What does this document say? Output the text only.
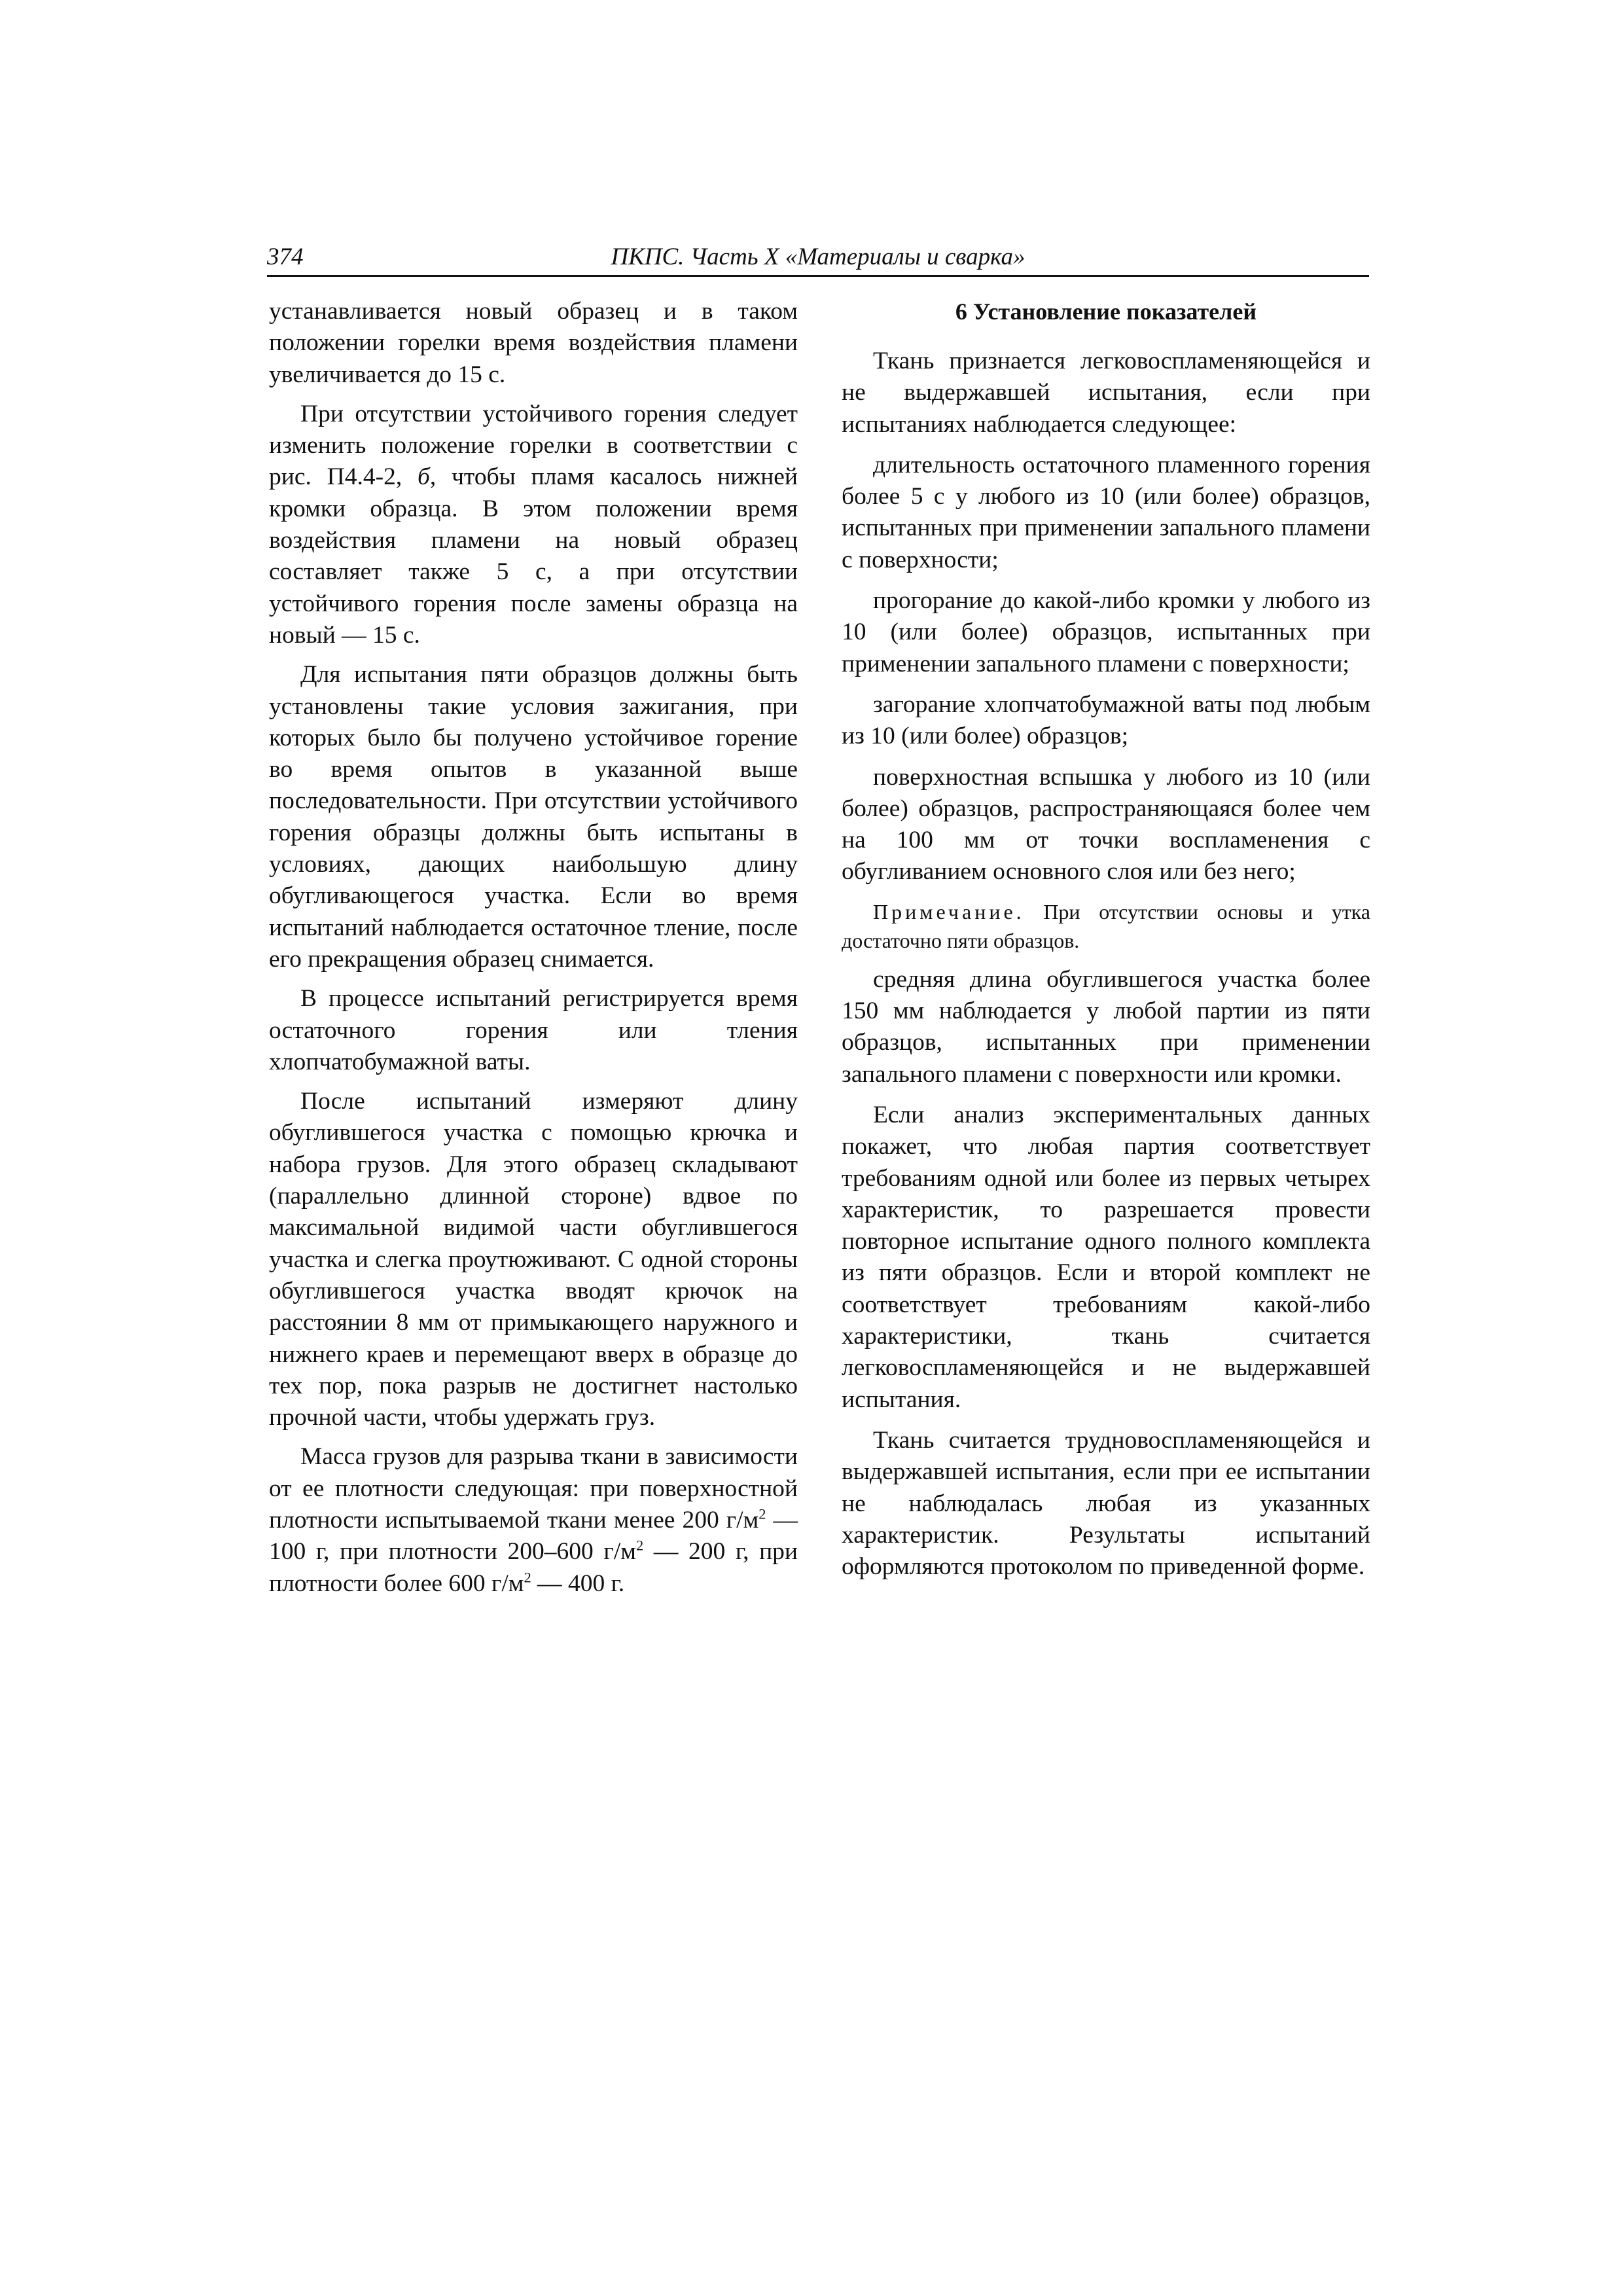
374	ПКПС. Часть X «Материалы и сварка»

устанавливается новый образец и в таком положении горелки время воздействия пламени увеличивается до 15 с.

При отсутствии устойчивого горения следует изменить положение горелки в соответствии с рис. П4.4-2, б, чтобы пламя касалось нижней кромки образца. В этом положении время воздействия пламени на новый образец составляет также 5 с, а при отсутствии устойчивого горения после замены образца на новый — 15 с.

Для испытания пяти образцов должны быть установлены такие условия зажигания, при которых было бы получено устойчивое горение во время опытов в указанной выше последовательности. При отсутствии устойчивого горения образцы должны быть испытаны в условиях, дающих наибольшую длину обугливающегося участка. Если во время испытаний наблюдается остаточное тление, после его прекращения образец снимается.

В процессе испытаний регистрируется время остаточного горения или тления хлопчатобумажной ваты.

После испытаний измеряют длину обуглившегося участка с помощью крючка и набора грузов. Для этого образец складывают (параллельно длинной стороне) вдвое по максимальной видимой части обуглившегося участка и слегка проутюживают. С одной стороны обуглившегося участка вводят крючок на расстоянии 8 мм от примыкающего наружного и нижнего краев и перемещают вверх в образце до тех пор, пока разрыв не достигнет настолько прочной части, чтобы удержать груз.

Масса грузов для разрыва ткани в зависимости от ее плотности следующая: при поверхностной плотности испытываемой ткани менее 200 $г/м^2$ — 100 г, при плотности 200–600 $г/м^2$ — 200 г, при плотности более 600 $г/м^2$ — 400 г.

6 Установление показателей

Ткань признается легковоспламеняющейся и не выдержавшей испытания, если при испытаниях наблюдается следующее:

длительность остаточного пламенного горения более 5 с у любого из 10 (или более) образцов, испытанных при применении запального пламени с поверхности;

прогорание до какой-либо кромки у любого из 10 (или более) образцов, испытанных при применении запального пламени с поверхности;

загорание хлопчатобумажной ваты под любым из 10 (или более) образцов;

поверхностная вспышка у любого из 10 (или более) образцов, распространяющаяся более чем на 100 мм от точки воспламенения с обугливанием основного слоя или без него;

Примечание. При отсутствии основы и утка достаточно пяти образцов.

средняя длина обуглившегося участка более 150 мм наблюдается у любой партии из пяти образцов, испытанных при применении запального пламени с поверхности или кромки.

Если анализ экспериментальных данных покажет, что любая партия соответствует требованиям одной или более из первых четырех характеристик, то разрешается провести повторное испытание одного полного комплекта из пяти образцов. Если и второй комплект не соответствует требованиям какой-либо характеристики, ткань считается легковоспламеняющейся и не выдержавшей испытания.

Ткань считается трудновоспламеняющейся и выдержавшей испытания, если при ее испытании не наблюдалась любая из указанных характеристик. Результаты испытаний оформляются протоколом по приведенной форме.
